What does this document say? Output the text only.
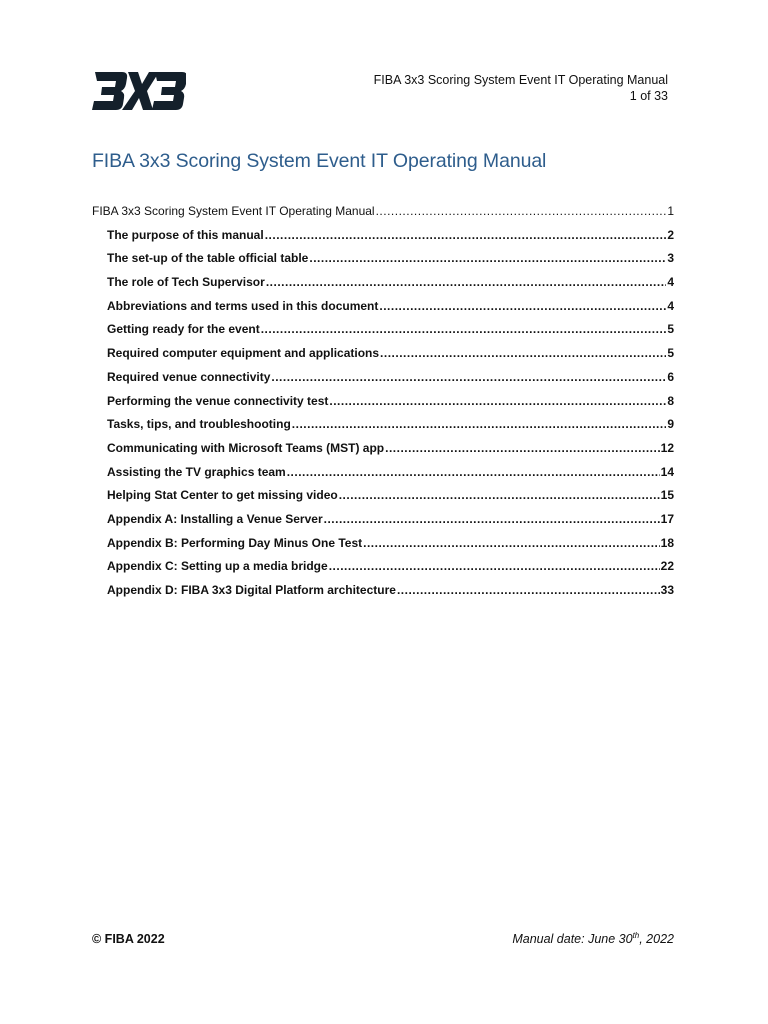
FIBA 3x3 Scoring System Event IT Operating Manual
1 of 33
FIBA 3x3 Scoring System Event IT Operating Manual
FIBA 3x3 Scoring System Event IT Operating Manual .....	1
The purpose of this manual .....	2
The set-up of the table official table .....	3
The role of Tech Supervisor .....	4
Abbreviations and terms used in this document .....	4
Getting ready for the event .....	5
Required computer equipment and applications .....	5
Required venue connectivity .....	6
Performing the venue connectivity test .....	8
Tasks, tips, and troubleshooting .....	9
Communicating with Microsoft Teams (MST) app .....	12
Assisting the TV graphics team .....	14
Helping Stat Center to get missing video .....	15
Appendix A: Installing a Venue Server .....	17
Appendix B: Performing Day Minus One Test .....	18
Appendix C: Setting up a media bridge .....	22
Appendix D: FIBA 3x3 Digital Platform architecture .....	33
© FIBA 2022	Manual date: June 30th, 2022
